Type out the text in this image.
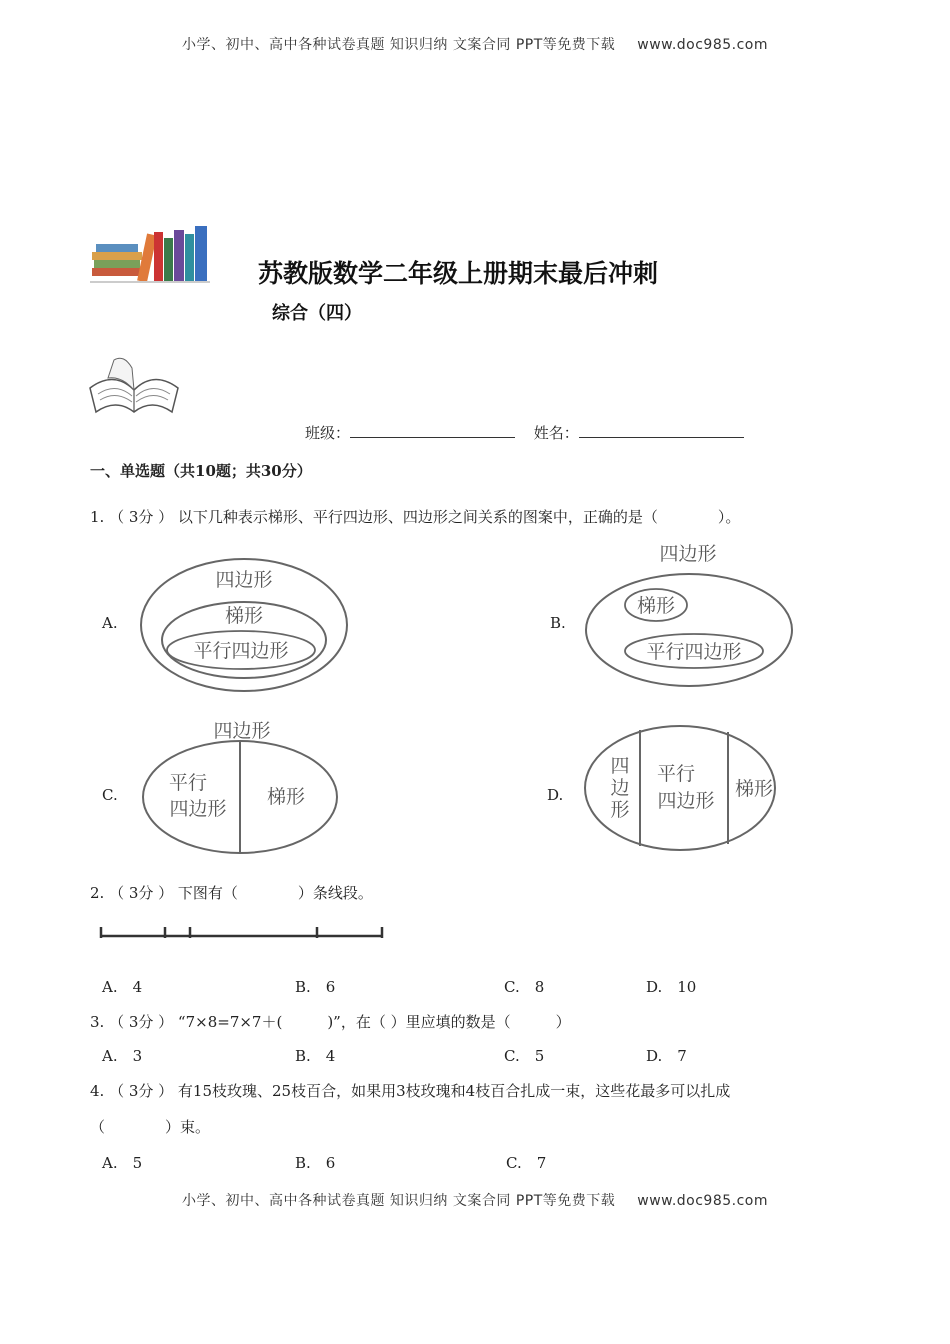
小学、初中、高中各种试卷真题 知识归纳 文案合同 PPT等免费下载 www.doc985.com
苏教版数学二年级上册期末最后冲刺
综合（四）
班级：	姓名：
一、单选题（共10题；共30分）
1. （ 3分 ） 以下几种表示梯形、平行四边形、四边形之间关系的图案中，正确的是（　　　　）。
A.
四边形
梯形
平行四边形
B.
四边形
梯形
平行四边形
C.
四边形
平行
四边形
梯形	D.
四
边
形
平行
四边形
梯形
2. （ 3分 ） 下图有（　　　　）条线段。
A.　4	B.　6	C.　8	D.　10
3. （ 3分 ） “7×8=7×7＋(　　　)”，在（ ）里应填的数是（　　　）
A.　3	B.　4	C.　5	D.　7
4. （ 3分 ） 有15枝玫瑰、25枝百合，如果用3枝玫瑰和4枝百合扎成一束，这些花最多可以扎成
（　　　　）束。
A.　5	B.　6	C.　7
小学、初中、高中各种试卷真题 知识归纳 文案合同 PPT等免费下载 www.doc985.com
